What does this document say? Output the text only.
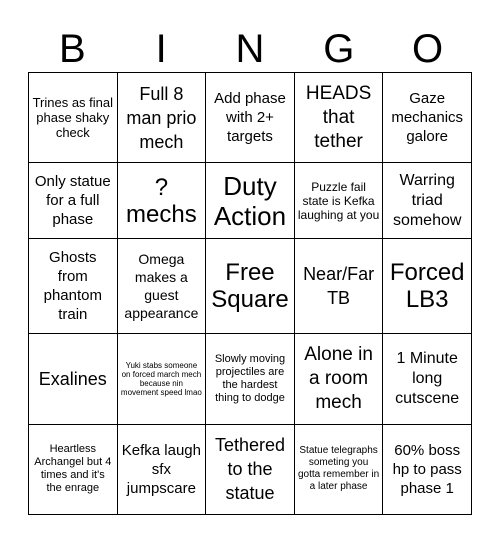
B	I	N	G	O
Trines as final phase shaky check	Full 8 man prio mech	Add phase with 2+ targets	HEADS that tether	Gaze mechanics galore
Only statue for a full phase	? mechs	Duty Action	Puzzle fail state is Kefka laughing at you	Warring triad somehow
Ghosts from phantom train	Omega makes a guest appearance	Free Square	Near/Far TB	Forced LB3
Exalines	Yuki stabs someone on forced march mech because nin movement speed lmao	Slowly moving projectiles are the hardest thing to dodge	Alone in a room mech	1 Minute long cutscene
Heartless Archangel but 4 times and it's the enrage	Kefka laugh sfx jumpscare	Tethered to the statue	Statue telegraphs someting you gotta remember in a later phase	60% boss hp to pass phase 1
